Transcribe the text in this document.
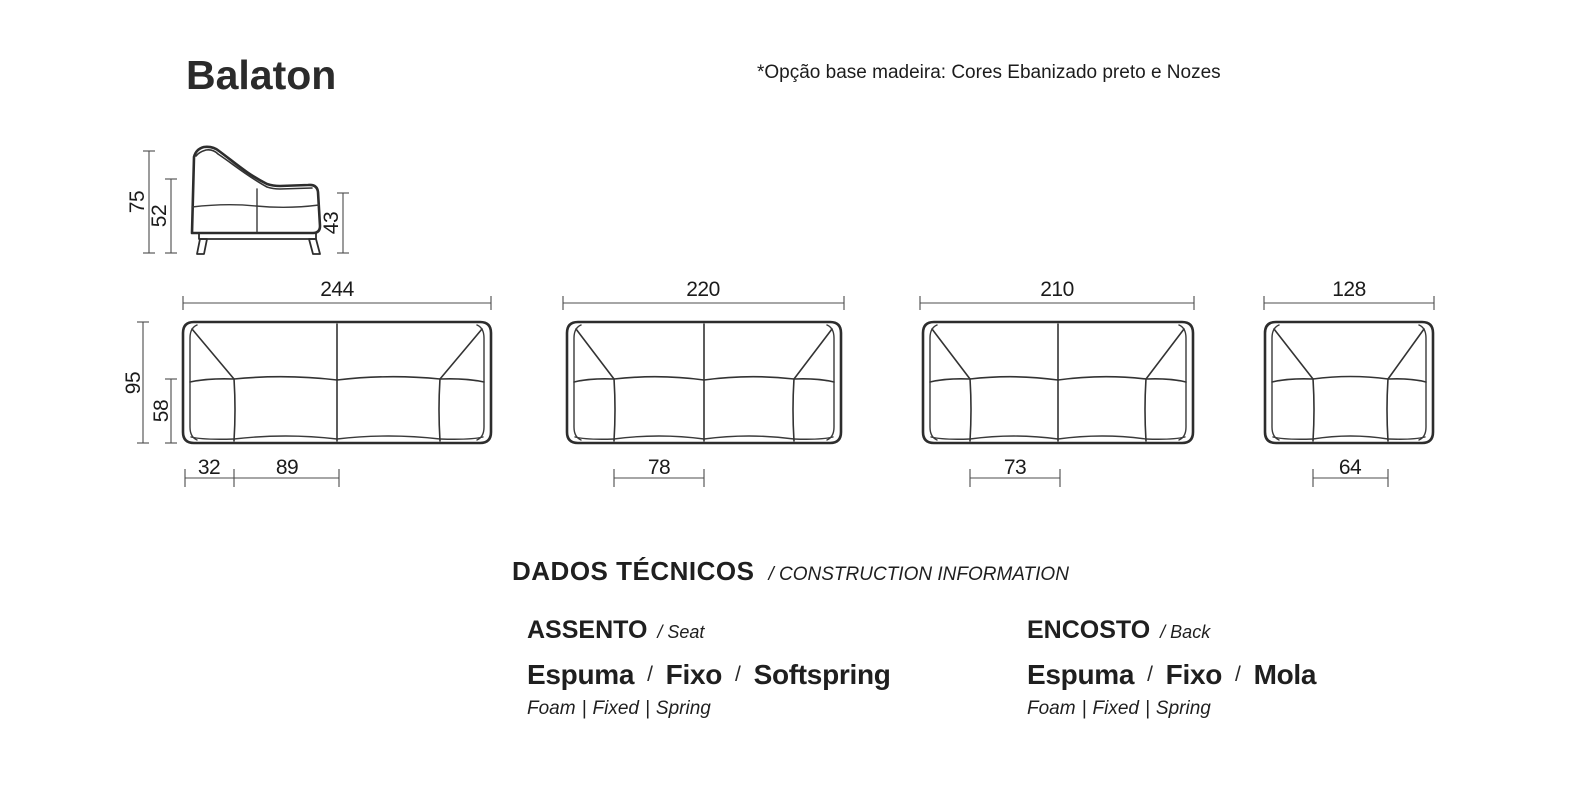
Balaton	*Opção base madeira: Cores Ebanizado preto e Nozes
75
52	43
244
95
58
32	89
220
78
210
73
128
64
DADOS TÉCNICOS / CONSTRUCTION INFORMATION
ASSENTO / Seat
Espuma / Fixo / Softspring
Foam | Fixed | Spring
ENCOSTO / Back
Espuma / Fixo / Mola
Foam | Fixed | Spring
